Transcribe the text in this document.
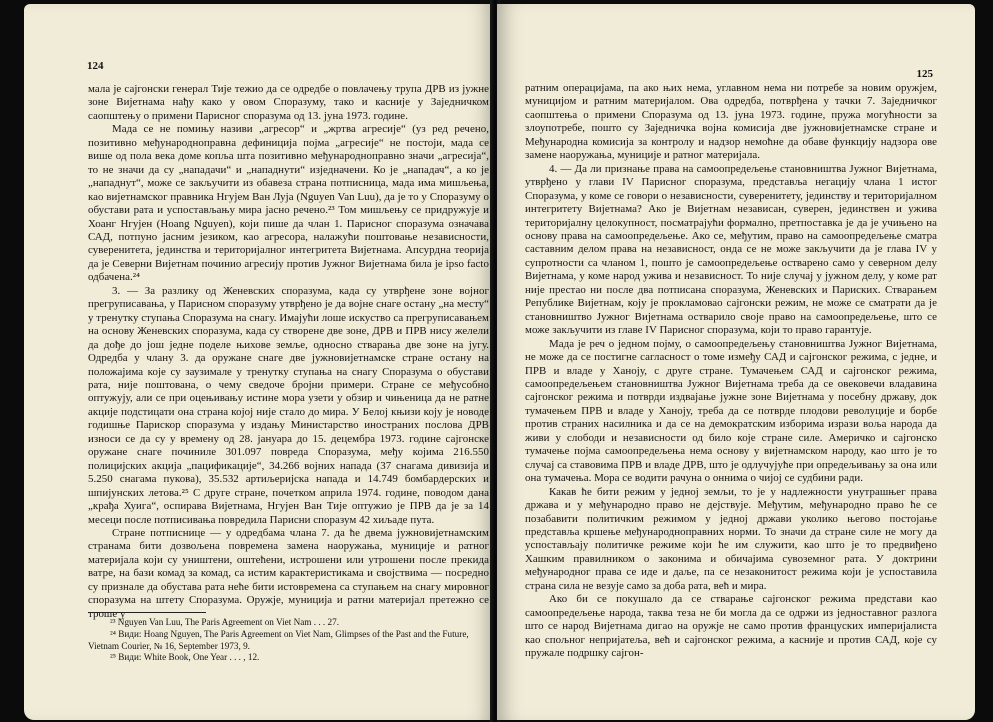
124

мала је сајгонски генерал Тије тежио да се одредбе о повлачењу трупа ДРВ из јужне зоне Вијетнама нађу како у овом Споразуму, тако и касније у Заједничком саопштењу о примени Парисног споразума од 13. јуна 1973. године.

Мада се не помињу називи „агресор“ и „жртва агресије“ (уз ред речено, позитивно међународноправна дефиниција појма „агресије“ не постоји, мада се више од пола века доме копља шта позитивно међународноправно значи „агресија“, то не значи да су „нападачи“ и „нападнути“ изједначени. Ко је „нападач“, а ко је „нападнут“, може се закључити из обавеза страна потписница, мада има мишљења, као вијетнамског правника Нгујем Ван Луја (Nguyen Van Luu), да је то у Споразуму о обустави рата и успостављању мира јасно речено.²³ Том мишљењу се придружује и Хоанг Нгујен (Hoang Nguyen), који пише да члан 1. Парисног споразума означава САД, потпуно јасним језиком, као агресора, налажући поштовање независности, суверенитета, јединства и територијалног интегритета Вијетнама. Апсурдна теорија да је Северни Вијетнам починио агресију против Јужног Вијетнама била је ipso facto одбачена.²⁴

3. — За разлику од Женевских споразума, када су утврђене зоне војног прегруписавања, у Парисном споразуму утврђено је да војне снаге остану „на месту“ у тренутку ступања Споразума на снагу. Имајући лоше искуство са прегруписавањем на основу Женевских споразума, када су створене две зоне, ДРВ и ПРВ нису желели да дође до још једне поделе њихове земље, односно стварања две зоне на југу. Одредба у члану 3. да оружане снаге две јужновијетнамске стране остану на положајима које су заузимале у тренутку ступања на снагу Споразума о обустави рата, није поштована, о чему сведоче бројни примери. Стране се међусобно оптужују, али се при оцењивању истине мора узети у обзир и чињеница да не ратне акције подстицати она страна којој није стало до мира. У Белој књизи коју је новоде годишње Парискор споразума у издању Министарство иностраних послова ДРВ износи се да су у времену од 28. јануара до 15. децембра 1973. године сајгонске оружане снаге починиле 301.097 повреда Споразума, међу којима 216.550 полицијских акција „пацификације“, 34.266 војних напада (37 снагама дивизија и 5.250 снагама пукова), 35.532 артиљеријска напада и 14.749 бомбардерских и шпијунских летова.²⁵ С друге стране, почетком априла 1974. године, поводом дана „крађа Хуига“, оспирава Вијетнама, Нгујен Ван Тије оптужио је ПРВ да је за 14 месеци после потписивања повредила Парисни споразум 42 хиљаде пута.

Стране потписнице — у одредбама члана 7. да ће двема јужновијетнамским странама бити дозвољена повремена замена наоружања, муниције и ратног материјала који су уништени, оштећени, истрошени или утрошени после прекида ватре, на бази комад за комад, са истим карактеристикама и својствима — посредно су признале да обустава рата неће бити истовремена са ступањем на снагу мировног споразума на штету Споразума. Оружје, муниција и ратни материјал претежно се троше у

²³ Nguyen Van Luu, The Paris Agreement on Viet Nam . . . 27.
²⁴ Види: Hoang Nguyen, The Paris Agreement on Viet Nam, Glimpses of the Past and the Future, Vietnam Courier, № 16, September 1973, 9.
²⁵ Види: White Book, One Year . . . , 12.
125

ратним операцијама, па ако њих нема, углавном нема ни потребе за новим оружјем, муницијом и ратним материјалом. Ова одредба, потврђена у тачки 7. Заједничког саопштења о примени Споразума од 13. јуна 1973. године, пружа могућности за злоупотребе, пошто су Заједничка војна комисија две јужновијетнамске стране и Међународна комисија за контролу и надзор немоћне да обаве функцију надзора ове замене наоружања, муниције и ратног материјала.

4. — Да ли признање права на самоопредељење становништва Јужног Вијетнама, утврђено у глави IV Парисног споразума, представља негацију члана 1 истог Споразума, у коме се говори о независности, суверенитету, јединству и територијалном интегритету Вијетнама? Ако је Вијетнам независан, суверен, јединствен и ужива територијалну целокупност, посматрајући формално, претпоставка је да је учињено на основу права на самоопредељење. Ако се, међутим, право на самоопредељење сматра саставним делом права на независност, онда се не може закључити да је глава IV у супротности са чланом 1, пошто је самоопредељење остварено само у северном делу Вијетнама, у коме народ ужива и независност. То није случај у јужном делу, у коме рат није престао ни после два потписана споразума, Женевских и Париских. Стварањем Републике Вијетнам, коју је прокламовао сајгонски режим, не може се сматрати да је становништво Јужног Вијетнама остварило своје право на самоопредељење, што се може закључити из главе IV Парисног споразума, који то право гарантује.

Мада је реч о једном појму, о самоопредељењу становништва Јужног Вијетнама, не може да се постигне сагласност о томе између САД и сајгонског режима, с једне, и ПРВ и владе у Ханоју, с друге стране. Тумачењем САД и сајгонског режима, самоопредељењем становништва Јужног Вијетнама треба да се овековечи владавина сајгонског режима и потврди издвајање јужне зоне Вијетнама у посебну државу, док тумачењем ПРВ и владе у Ханоју, треба да се потврде плодови револуције и борбе против страних насилника и да се на демократским изборима изрази воља народа да живи у слободи и независности од било које стране силе. Америчко и сајгонско тумачење појма самоопредељења нема основу у вијетнамском народу, као што је то случај са ставовима ПРВ и владе ДРВ, што је одлучујуће при опредељивању за она или она тумачења. Мора се водити рачуна о оннима о чијој се судбини ради.

Какав ће бити режим у једној земљи, то је у надлежности унутрашњег права држава и у међународно право не дејствује. Међутим, међународно право ће се позабавити политичким режимом у једној држави уколико његово постојање представља кршење међународноправних норми. То значи да стране силе не могу да успостављају политичке режиме који ће им служити, као што је то предвиђено Хашким правилником о законима и обичајима сувоземног рата. У доктрини међународног права се иде и даље, па се незаконитост режима који је успоставила страна сила не везује само за доба рата, већ и мира.

Ако би се покушало да се стварање сајгонског режима представи као самоопредељење народа, таква теза не би могла да се одржи из једноставног разлога што се народ Вијетнама дигао на оружје не само против француских империјалиста као спољног непријатеља, већ и сајгонског режима, а касније и против САД, које су пружале подршку сајгон-
